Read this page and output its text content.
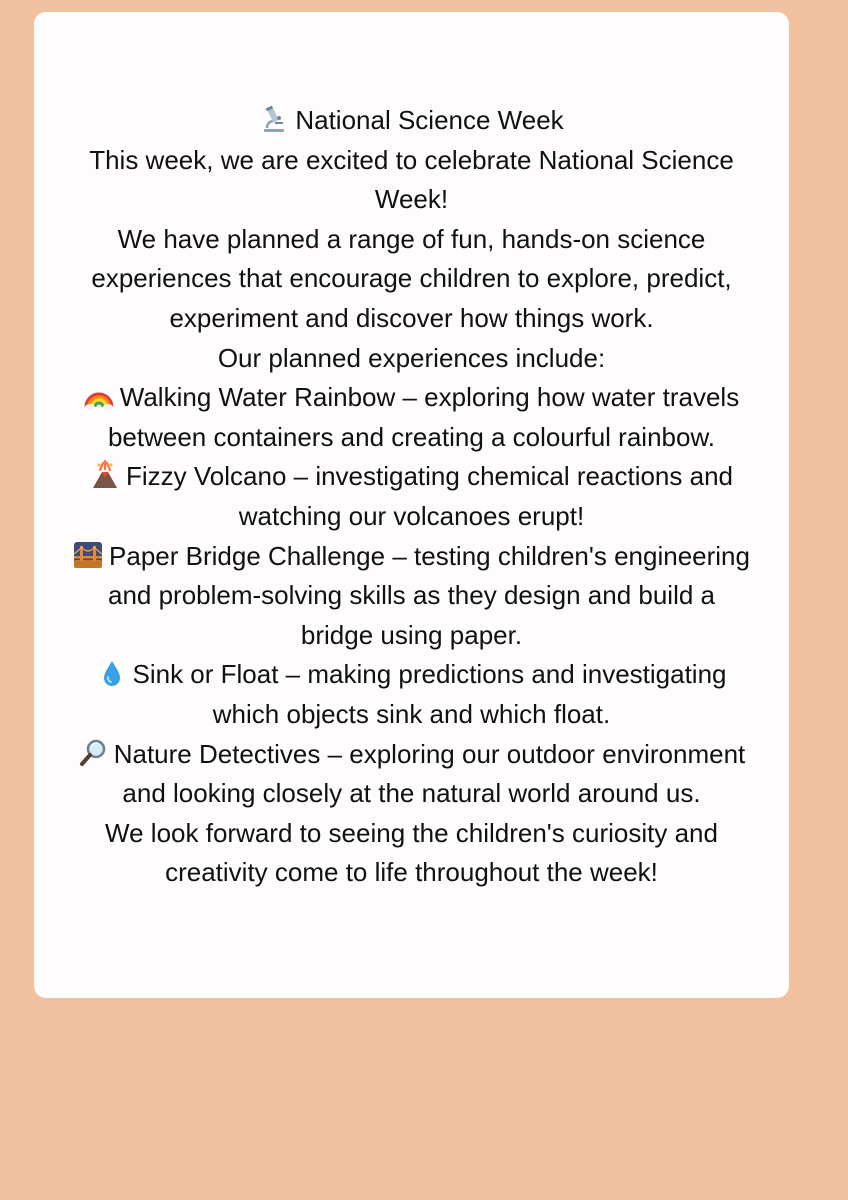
National Science Week
This week, we are excited to celebrate National Science
Week!
We have planned a range of fun, hands-on science
experiences that encourage children to explore, predict,
experiment and discover how things work.
Our planned experiences include:
Walking Water Rainbow – exploring how water travels
between containers and creating a colourful rainbow.
Fizzy Volcano – investigating chemical reactions and
watching our volcanoes erupt!
Paper Bridge Challenge – testing children's engineering
and problem-solving skills as they design and build a
bridge using paper.
Sink or Float – making predictions and investigating
which objects sink and which float.
Nature Detectives – exploring our outdoor environment
and looking closely at the natural world around us.
We look forward to seeing the children's curiosity and
creativity come to life throughout the week!
